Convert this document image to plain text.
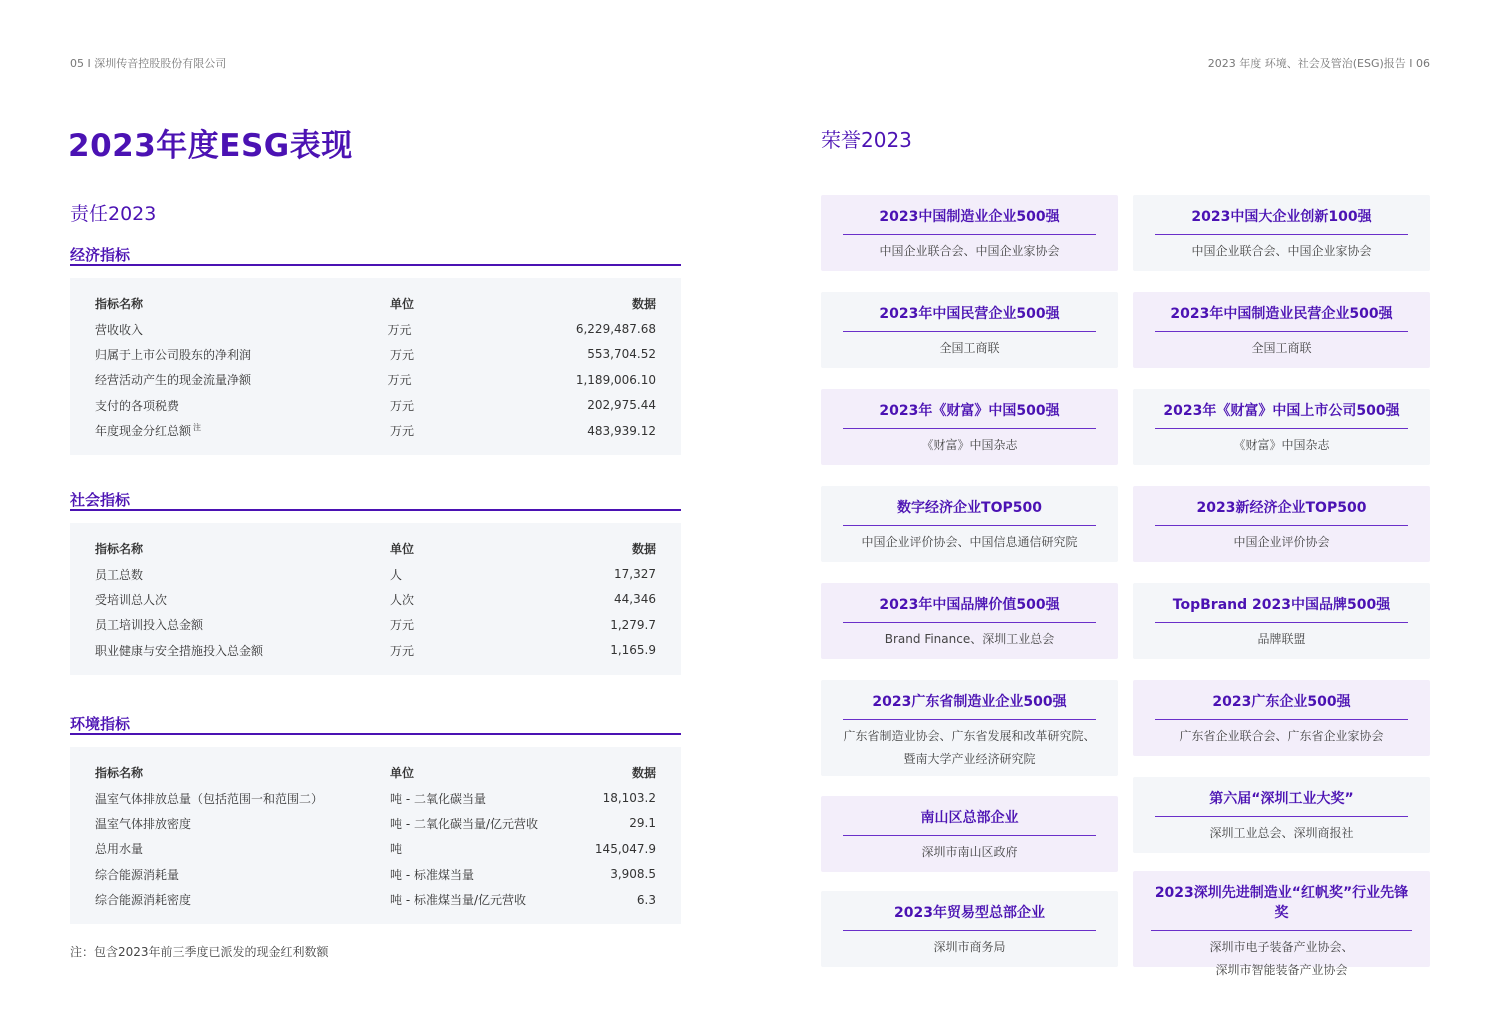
05 I 深圳传音控股股份有限公司	2023 年度 环境、社会及管治(ESG)报告 I 06
2023年度ESG表现
责任2023
经济指标
指标名称	单位	数据
营收收入	万元	6,229,487.68
归属于上市公司股东的净利润	万元	553,704.52
经营活动产生的现金流量净额	万元	1,189,006.10
支付的各项税费	万元	202,975.44
年度现金分红总额 $^注$	万元	483,939.12
社会指标
指标名称	单位	数据
员工总数	人	17,327
受培训总人次	人次	44,346
员工培训投入总金额	万元	1,279.7
职业健康与安全措施投入总金额	万元	1,165.9
环境指标
指标名称	单位	数据
温室气体排放总量（包括范围一和范围二）	吨 - 二氧化碳当量	18,103.2
温室气体排放密度	吨 - 二氧化碳当量/亿元营收	29.1
总用水量	吨	145,047.9
综合能源消耗量	吨 - 标准煤当量	3,908.5
综合能源消耗密度	吨 - 标准煤当量/亿元营收	6.3
注：包含2023年前三季度已派发的现金红利数额
荣誉2023
2023中国制造业企业500强
中国企业联合会、中国企业家协会
2023年中国民营企业500强
全国工商联
2023年《财富》中国500强
《财富》中国杂志
数字经济企业TOP500
中国企业评价协会、中国信息通信研究院
2023年中国品牌价值500强
Brand Finance、深圳工业总会
2023广东省制造业企业500强
广东省制造业协会、广东省发展和改革研究院、
暨南大学产业经济研究院
南山区总部企业
深圳市南山区政府
2023年贸易型总部企业
深圳市商务局
2023中国大企业创新100强
中国企业联合会、中国企业家协会
2023年中国制造业民营企业500强
全国工商联
2023年《财富》中国上市公司500强
《财富》中国杂志
2023新经济企业TOP500
中国企业评价协会
TopBrand 2023中国品牌500强
品牌联盟
2023广东企业500强
广东省企业联合会、广东省企业家协会
第六届“深圳工业大奖”
深圳工业总会、深圳商报社
2023深圳先进制造业“红帆奖”行业先锋奖
深圳市电子装备产业协会、
深圳市智能装备产业协会
